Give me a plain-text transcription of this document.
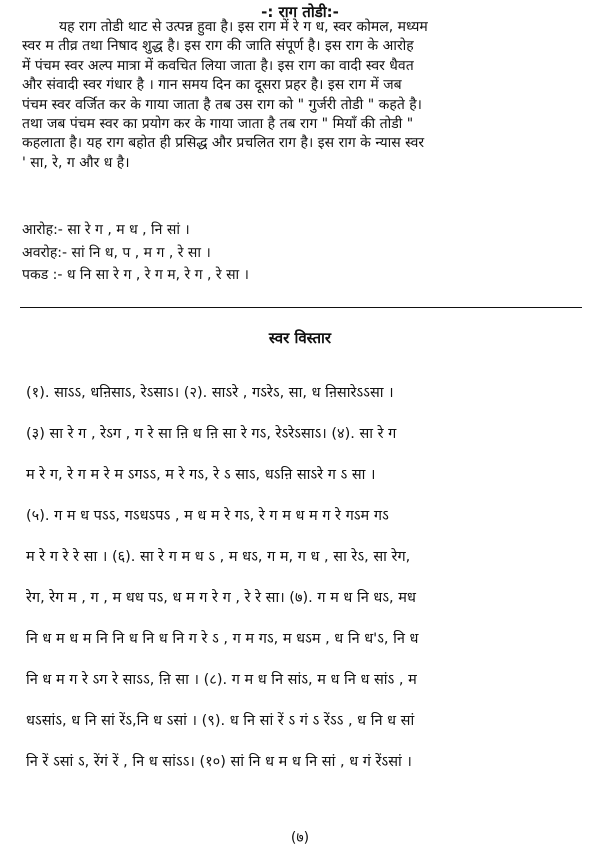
-: राग तोडी:-

यह राग तोडी थाट से उत्पन्न हुवा है। इस राग में रे ग ध, स्वर कोमल, मध्यम

स्वर म तीव्र तथा निषाद शुद्ध है। इस राग की जाति संपूर्ण है। इस राग के आरोह

में पंचम स्वर अल्प मात्रा में कवचित लिया जाता है। इस राग का वादी स्वर धैवत

और संवादी स्वर गंधार है । गान समय दिन का दूसरा प्रहर है। इस राग में जब

पंचम स्वर वर्जित कर के गाया जाता है तब उस राग को " गुर्जरी तोडी " कहते है।

तथा जब पंचम स्वर का प्रयोग कर के गाया जाता है तब राग " मियाँ की तोडी "

कहलाता है। यह राग बहोत ही प्रसिद्ध और प्रचलित राग है। इस राग के न्यास स्वर

' सा, रे, ग और ध है।

आरोह:- सा रे ग , म ध , नि सां ।

अवरोह:- सां नि ध, प , म ग , रे सा ।

पकड :- ध नि सा रे ग , रे ग म, रे ग , रे सा ।

स्वर विस्तार

(१). साऽऽ, धऩिसाऽ, रेऽसाऽ। (२). साऽरे , गऽरेऽ, सा, ध ऩिसारेऽऽसा ।

(३) सा रे ग , रेऽग , ग रे सा ऩि ध ऩि सा रे गऽ, रेऽरेऽसाऽ। (४). सा रे ग

म रे ग, रे ग म रे म ऽगऽऽ, म रे गऽ, रे ऽ साऽ, धऽऩि साऽरे ग ऽ सा ।

(५). ग म ध पऽऽ, गऽधऽपऽ , म ध म रे गऽ, रे ग म ध म ग रे गऽम गऽ

म रे ग रे रे सा । (६). सा रे ग म ध ऽ , म धऽ, ग म, ग ध , सा रेऽ, सा रेग,

रेग, रेग म , ग , म धध पऽ, ध म ग रे ग , रे रे सा। (७). ग म ध नि धऽ, मध

नि ध म ध म नि नि ध नि ध नि ग रे ऽ , ग म गऽ, म धऽम , ध नि ध'ऽ, नि ध

नि ध म ग रे ऽग रे साऽऽ, ऩि सा । (८). ग म ध नि सांऽ, म ध नि ध सांऽ , म

धऽसांऽ, ध नि सां रेंऽ,नि ध ऽसां । (९). ध नि सां रें ऽ गं ऽ रेंऽऽ , ध नि ध सां

नि रें ऽसां ऽ, रेंगं रें , नि ध सांऽऽ। (१०) सां नि ध म ध नि सां , ध गं रेंऽसां ।

(७)
